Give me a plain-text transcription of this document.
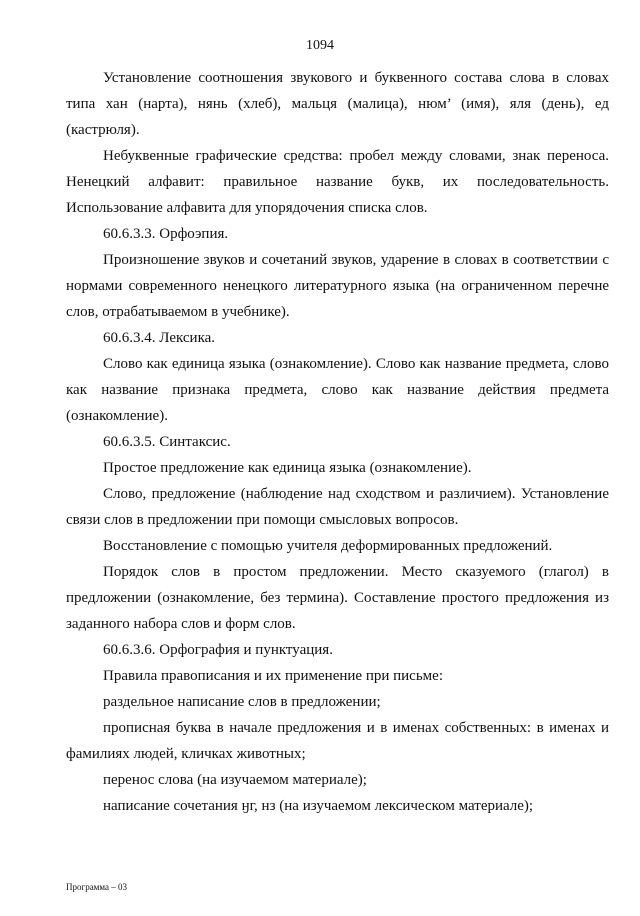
1094

Установление соотношения звукового и буквенного состава слова в словах типа хан (нарта), нянь (хлеб), мальця (малица), нюм’ (имя), яля (день), ед (кастрюля).

Небуквенные графические средства: пробел между словами, знак переноса. Ненецкий алфавит: правильное название букв, их последовательность. Использование алфавита для упорядочения списка слов.

60.6.3.3. Орфоэпия.

Произношение звуков и сочетаний звуков, ударение в словах в соответствии с нормами современного ненецкого литературного языка (на ограниченном перечне слов, отрабатываемом в учебнике).

60.6.3.4. Лексика.

Слово как единица языка (ознакомление). Слово как название предмета, слово как название признака предмета, слово как название действия предмета (ознакомление).

60.6.3.5. Синтаксис.

Простое предложение как единица языка (ознакомление).

Слово, предложение (наблюдение над сходством и различием). Установление связи слов в предложении при помощи смысловых вопросов.

Восстановление с помощью учителя деформированных предложений.

Порядок слов в простом предложении. Место сказуемого (глагол) в предложении (ознакомление, без термина). Составление простого предложения из заданного набора слов и форм слов.

60.6.3.6. Орфография и пунктуация.

Правила правописания и их применение при письме:

раздельное написание слов в предложении;

прописная буква в начале предложения и в именах собственных: в именах и фамилиях людей, кличках животных;

перенос слова (на изучаемом материале);

написание сочетания ӈг, нз (на изучаемом лексическом материале);

Программа – 03
